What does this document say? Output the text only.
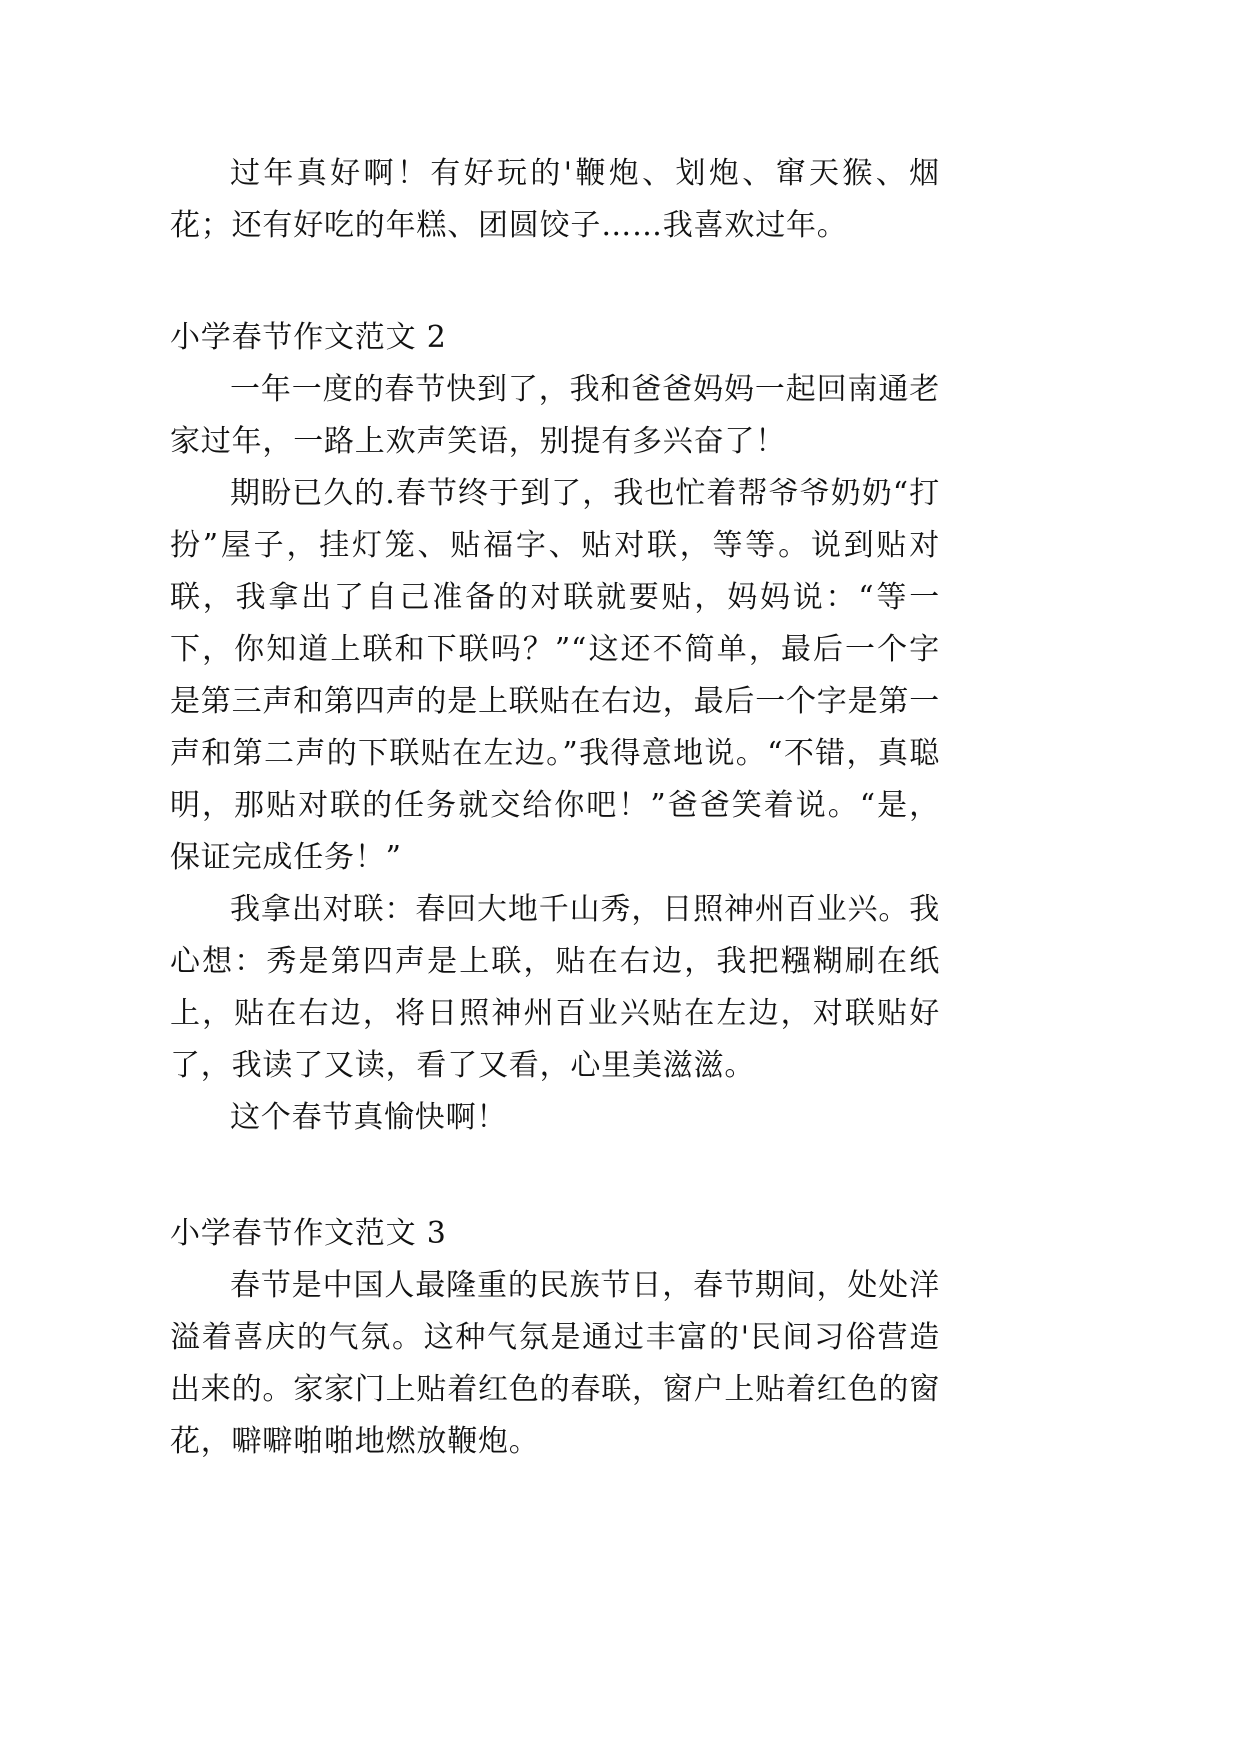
过年真好啊！有好玩的'鞭炮、划炮、窜天猴、烟花；还有好吃的年糕、团圆饺子……我喜欢过年。

小学春节作文范文 2

一年一度的春节快到了，我和爸爸妈妈一起回南通老家过年，一路上欢声笑语，别提有多兴奋了！

期盼已久的.春节终于到了，我也忙着帮爷爷奶奶“打扮”屋子，挂灯笼、贴福字、贴对联，等等。说到贴对联，我拿出了自己准备的对联就要贴，妈妈说：“等一下，你知道上联和下联吗？”“这还不简单，最后一个字是第三声和第四声的是上联贴在右边，最后一个字是第一声和第二声的下联贴在左边。”我得意地说。“不错，真聪明，那贴对联的任务就交给你吧！”爸爸笑着说。“是，保证完成任务！”

我拿出对联：春回大地千山秀，日照神州百业兴。我心想：秀是第四声是上联，贴在右边，我把糨糊刷在纸上，贴在右边，将日照神州百业兴贴在左边，对联贴好了，我读了又读，看了又看，心里美滋滋。

这个春节真愉快啊！

小学春节作文范文 3

春节是中国人最隆重的民族节日，春节期间，处处洋溢着喜庆的气氛。这种气氛是通过丰富的'民间习俗营造出来的。家家门上贴着红色的春联，窗户上贴着红色的窗花，噼噼啪啪地燃放鞭炮。
